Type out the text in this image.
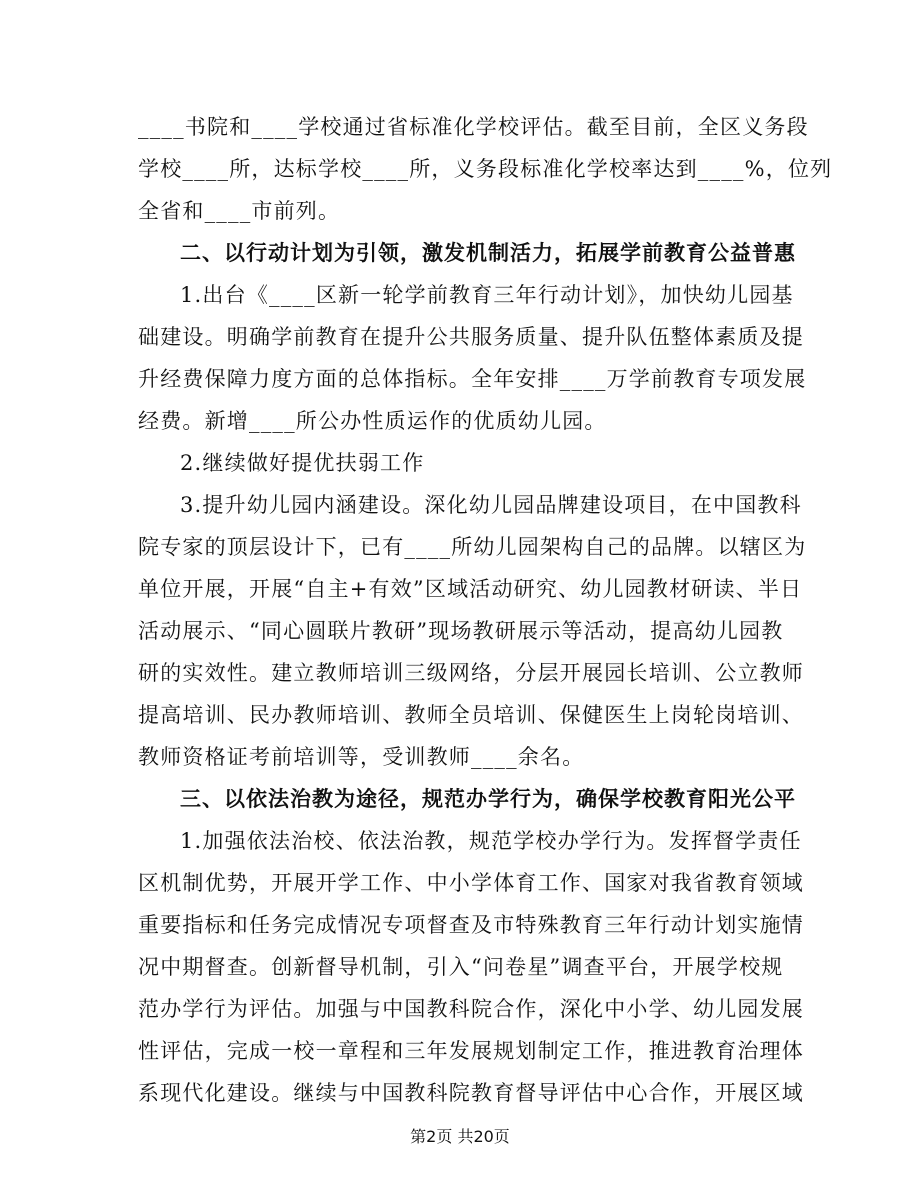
____书院和____学校通过省标准化学校评估。截至目前，全区义务段
学校____所，达标学校____所，义务段标准化学校率达到____%，位列
全省和____市前列。
二、以行动计划为引领，激发机制活力，拓展学前教育公益普惠
1.出台《____区新一轮学前教育三年行动计划》，加快幼儿园基
础建设。明确学前教育在提升公共服务质量、提升队伍整体素质及提
升经费保障力度方面的总体指标。全年安排____万学前教育专项发展
经费。新增____所公办性质运作的优质幼儿园。
2.继续做好提优扶弱工作
3.提升幼儿园内涵建设。深化幼儿园品牌建设项目，在中国教科
院专家的顶层设计下，已有____所幼儿园架构自己的品牌。以辖区为
单位开展，开展“自主+有效”区域活动研究、幼儿园教材研读、半日
活动展示、“同心圆联片教研”现场教研展示等活动，提高幼儿园教
研的实效性。建立教师培训三级网络，分层开展园长培训、公立教师
提高培训、民办教师培训、教师全员培训、保健医生上岗轮岗培训、
教师资格证考前培训等，受训教师____余名。
三、以依法治教为途径，规范办学行为，确保学校教育阳光公平
1.加强依法治校、依法治教，规范学校办学行为。发挥督学责任
区机制优势，开展开学工作、中小学体育工作、国家对我省教育领域
重要指标和任务完成情况专项督查及市特殊教育三年行动计划实施情
况中期督查。创新督导机制，引入“问卷星”调查平台，开展学校规
范办学行为评估。加强与中国教科院合作，深化中小学、幼儿园发展
性评估，完成一校一章程和三年发展规划制定工作，推进教育治理体
系现代化建设。继续与中国教科院教育督导评估中心合作，开展区域
第2页 共20页
